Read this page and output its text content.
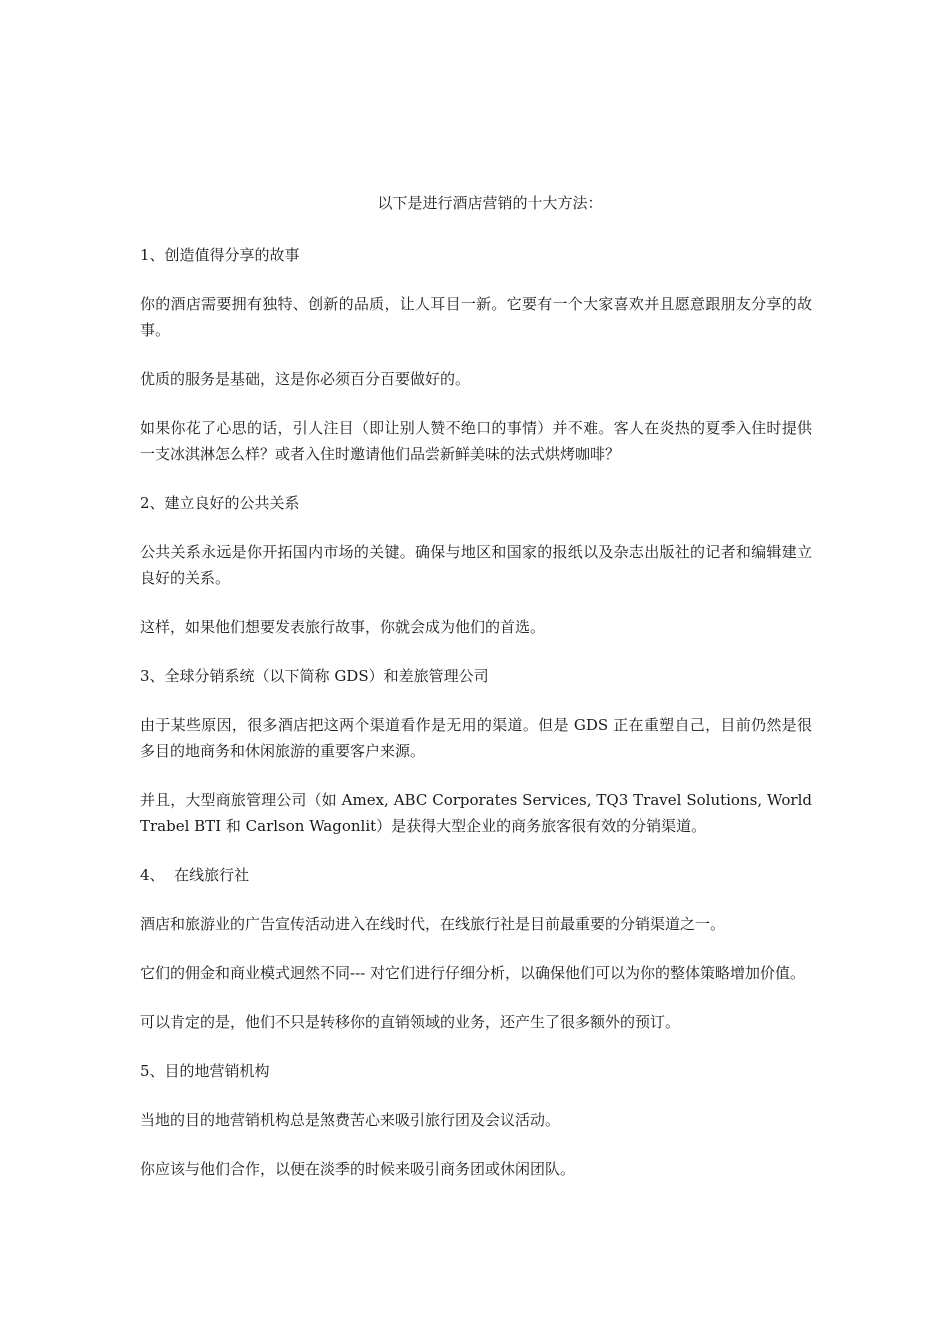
以下是进行酒店营销的十大方法：
1、创造值得分享的故事
你的酒店需要拥有独特、创新的品质，让人耳目一新。它要有一个大家喜欢并且愿意跟朋友分享的故事。
优质的服务是基础，这是你必须百分百要做好的。
如果你花了心思的话，引人注目（即让别人赞不绝口的事情）并不难。客人在炎热的夏季入住时提供一支冰淇淋怎么样？或者入住时邀请他们品尝新鲜美味的法式烘烤咖啡？
2、建立良好的公共关系
公共关系永远是你开拓国内市场的关键。确保与地区和国家的报纸以及杂志出版社的记者和编辑建立良好的关系。
这样，如果他们想要发表旅行故事，你就会成为他们的首选。
3、全球分销系统（以下简称 GDS）和差旅管理公司
由于某些原因，很多酒店把这两个渠道看作是无用的渠道。但是 GDS 正在重塑自己，目前仍然是很多目的地商务和休闲旅游的重要客户来源。
并且，大型商旅管理公司（如 Amex, ABC Corporates Services, TQ3 Travel Solutions, World Trabel BTI 和 Carlson Wagonlit）是获得大型企业的商务旅客很有效的分销渠道。
4、  在线旅行社
酒店和旅游业的广告宣传活动进入在线时代，在线旅行社是目前最重要的分销渠道之一。
它们的佣金和商业模式迥然不同--- 对它们进行仔细分析，以确保他们可以为你的整体策略增加价值。
可以肯定的是，他们不只是转移你的直销领域的业务，还产生了很多额外的预订。
5、目的地营销机构
当地的目的地营销机构总是煞费苦心来吸引旅行团及会议活动。
你应该与他们合作，以便在淡季的时候来吸引商务团或休闲团队。
